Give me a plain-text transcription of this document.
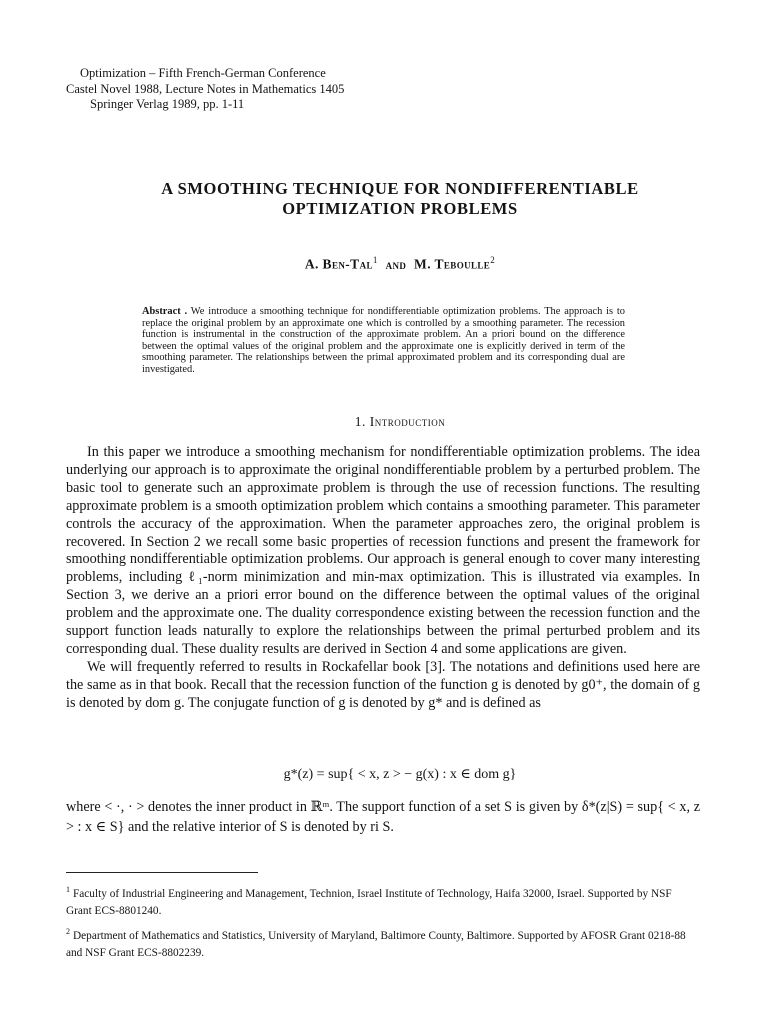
Optimization – Fifth French-German Conference
Castel Novel 1988, Lecture Notes in Mathematics 1405
Springer Verlag 1989, pp. 1-11
A SMOOTHING TECHNIQUE FOR NONDIFFERENTIABLE
OPTIMIZATION PROBLEMS
A. Ben-Tal$^1$ and M. Teboulle$^2$
Abstract . We introduce a smoothing technique for nondifferentiable optimization problems. The approach is to replace the original problem by an approximate one which is controlled by a smoothing parameter. The recession function is instrumental in the construction of the approximate problem. An a priori bound on the difference between the optimal values of the original problem and the approximate one is explicitly derived in term of the smoothing parameter. The relationships between the primal approximated problem and its corresponding dual are investigated.
1. Introduction

In this paper we introduce a smoothing mechanism for nondifferentiable optimization problems. The idea underlying our approach is to approximate the original nondifferentiable problem by a perturbed problem. The basic tool to generate such an approximate problem is through the use of recession functions. The resulting approximate problem is a smooth optimization problem which contains a smoothing parameter. This parameter controls the accuracy of the approximation. When the parameter approaches zero, the original problem is recovered. In Section 2 we recall some basic properties of recession functions and present the framework for smoothing nondifferentiable optimization problems. Our approach is general enough to cover many interesting problems, including ℓ₁-norm minimization and min-max optimization. This is illustrated via examples. In Section 3, we derive an a priori error bound on the difference between the optimal values of the original problem and the approximate one. The duality correspondence existing between the recession function and the support function leads naturally to explore the relationships between the primal perturbed problem and its corresponding dual. These duality results are derived in Section 4 and some applications are given.

We will frequently referred to results in Rockafellar book [3]. The notations and definitions used here are the same as in that book. Recall that the recession function of the function g is denoted by g0⁺, the domain of g is denoted by dom g. The conjugate function of g is denoted by g* and is defined as

g*(z) = sup{ < x, z > − g(x) : x ∈ dom g}
where < ·, · > denotes the inner product in ℝᵐ. The support function of a set S is given by δ*(z|S) = sup{ < x, z > : x ∈ S} and the relative interior of S is denoted by ri S.

$^1$ Faculty of Industrial Engineering and Management, Technion, Israel Institute of Technology, Haifa 32000, Israel. Supported by NSF Grant ECS-8801240.

$^2$ Department of Mathematics and Statistics, University of Maryland, Baltimore County, Baltimore. Supported by AFOSR Grant 0218-88 and NSF Grant ECS-8802239.
